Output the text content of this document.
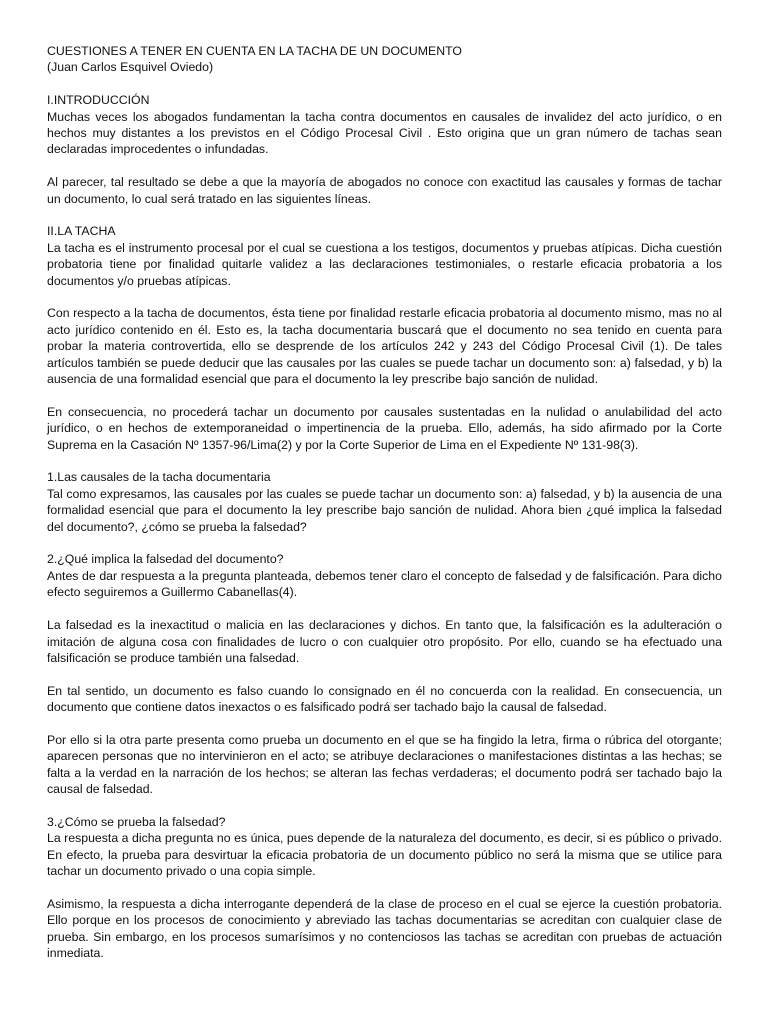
CUESTIONES A TENER EN CUENTA EN LA TACHA DE UN DOCUMENTO
(Juan Carlos Esquivel Oviedo)

I.INTRODUCCIÓN
Muchas veces los abogados fundamentan la tacha contra documentos en causales de invalidez del acto jurídico, o en hechos muy distantes a los previstos en el Código Procesal Civil . Esto origina que un gran número de tachas sean declaradas improcedentes o infundadas.

Al parecer, tal resultado se debe a que la mayoría de abogados no conoce con exactitud las causales y formas de tachar un documento, lo cual será tratado en las siguientes líneas.

II.LA TACHA
La tacha es el instrumento procesal por el cual se cuestiona a los testigos, documentos y pruebas atípicas. Dicha cuestión probatoria tiene por finalidad quitarle validez a las declaraciones testimoniales, o restarle eficacia probatoria a los documentos y/o pruebas atípicas.

Con respecto a la tacha de documentos, ésta tiene por finalidad restarle eficacia probatoria al documento mismo, mas no al acto jurídico contenido en él. Esto es, la tacha documentaria buscará que el documento no sea tenido en cuenta para probar la materia controvertida, ello se desprende de los artículos 242 y 243 del Código Procesal Civil (1). De tales artículos también se puede deducir que las causales por las cuales se puede tachar un documento son: a) falsedad, y b) la ausencia de una formalidad esencial que para el documento la ley prescribe bajo sanción de nulidad.

En consecuencia, no procederá tachar un documento por causales sustentadas en la nulidad o anulabilidad del acto jurídico, o en hechos de extemporaneidad o impertinencia de la prueba. Ello, además, ha sido afirmado por la Corte Suprema en la Casación Nº 1357-96/Lima(2) y por la Corte Superior de Lima en el Expediente Nº 131-98(3).

1.Las causales de la tacha documentaria
Tal como expresamos, las causales por las cuales se puede tachar un documento son: a) falsedad, y b) la ausencia de una formalidad esencial que para el documento la ley prescribe bajo sanción de nulidad. Ahora bien ¿qué implica la falsedad del documento?, ¿cómo se prueba la falsedad?

2.¿Qué implica la falsedad del documento?
Antes de dar respuesta a la pregunta planteada, debemos tener claro el concepto de falsedad y de falsificación. Para dicho efecto seguiremos a Guillermo Cabanellas(4).

La falsedad es la inexactitud o malicia en las declaraciones y dichos. En tanto que, la falsificación es la adulteración o imitación de alguna cosa con finalidades de lucro o con cualquier otro propósito. Por ello, cuando se ha efectuado una falsificación se produce también una falsedad.

En tal sentido, un documento es falso cuando lo consignado en él no concuerda con la realidad. En consecuencia, un documento que contiene datos inexactos o es falsificado podrá ser tachado bajo la causal de falsedad.

Por ello si la otra parte presenta como prueba un documento en el que se ha fingido la letra, firma o rúbrica del otorgante; aparecen personas que no intervinieron en el acto; se atribuye declaraciones o manifestaciones distintas a las hechas; se falta a la verdad en la narración de los hechos; se alteran las fechas verdaderas; el documento podrá ser tachado bajo la causal de falsedad.

3.¿Cómo se prueba la falsedad?
La respuesta a dicha pregunta no es única, pues depende de la naturaleza del documento, es decir, si es público o privado. En efecto, la prueba para desvirtuar la eficacia probatoria de un documento público no será la misma que se utilice para tachar un documento privado o una copia simple.

Asimismo, la respuesta a dicha interrogante dependerá de la clase de proceso en el cual se ejerce la cuestión probatoria. Ello porque en los procesos de conocimiento y abreviado las tachas documentarias se acreditan con cualquier clase de prueba. Sin embargo, en los procesos sumarísimos y no contenciosos las tachas se acreditan con pruebas de actuación inmediata.
